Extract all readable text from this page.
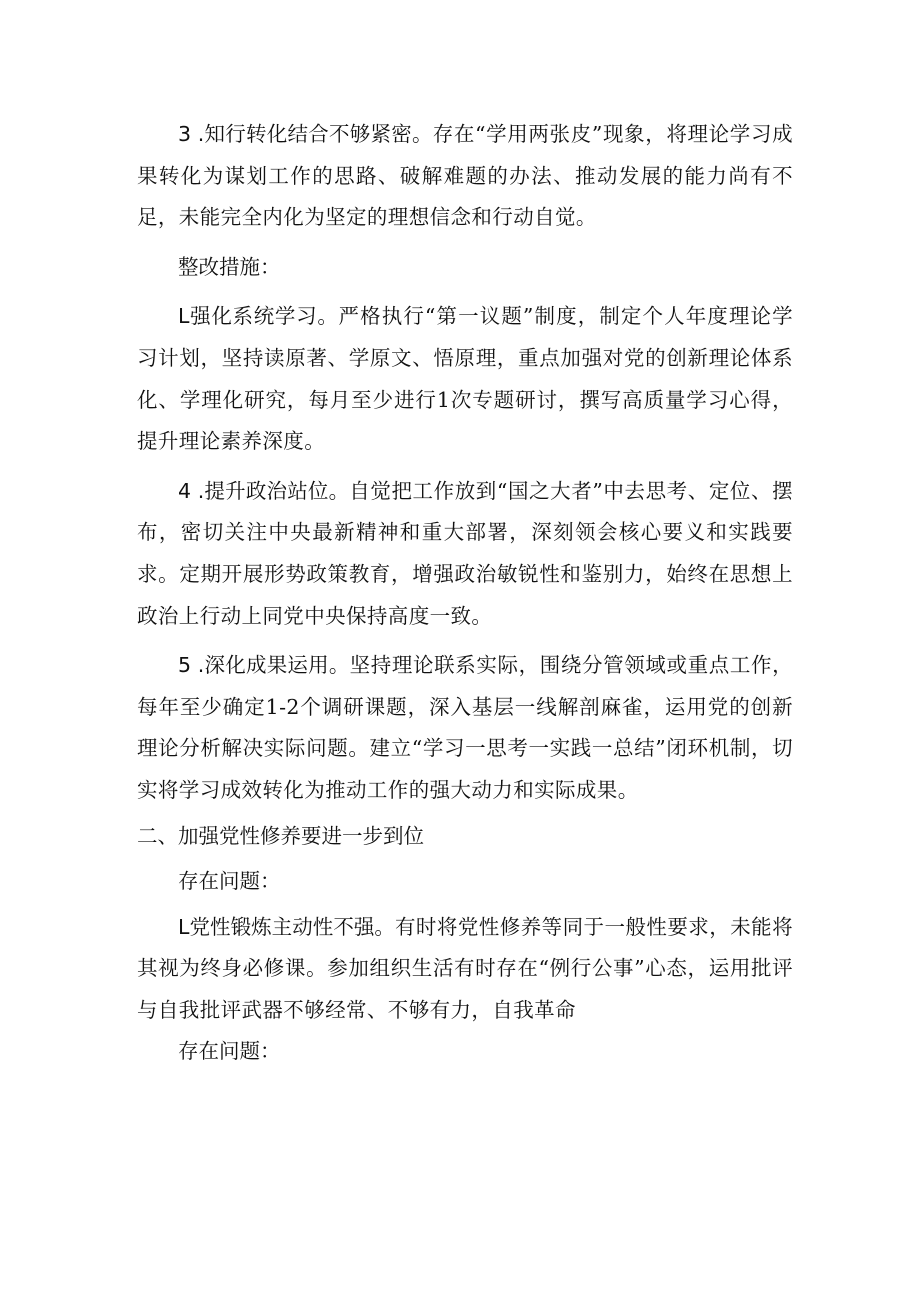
3 .知行转化结合不够紧密。存在“学用两张皮”现象，将理论学习成果转化为谋划工作的思路、破解难题的办法、推动发展的能力尚有不足，未能完全内化为坚定的理想信念和行动自觉。

整改措施：

L强化系统学习。严格执行“第一议题”制度，制定个人年度理论学习计划，坚持读原著、学原文、悟原理，重点加强对党的创新理论体系化、学理化研究，每月至少进行1次专题研讨，撰写高质量学习心得，提升理论素养深度。

4 .提升政治站位。自觉把工作放到“国之大者”中去思考、定位、摆布，密切关注中央最新精神和重大部署，深刻领会核心要义和实践要求。定期开展形势政策教育，增强政治敏锐性和鉴别力，始终在思想上政治上行动上同党中央保持高度一致。

5 .深化成果运用。坚持理论联系实际，围绕分管领域或重点工作，每年至少确定1-2个调研课题，深入基层一线解剖麻雀，运用党的创新理论分析解决实际问题。建立“学习一思考一实践一总结”闭环机制，切实将学习成效转化为推动工作的强大动力和实际成果。

二、加强党性修养要进一步到位

存在问题：

L党性锻炼主动性不强。有时将党性修养等同于一般性要求，未能将其视为终身必修课。参加组织生活有时存在“例行公事”心态，运用批评与自我批评武器不够经常、不够有力，自我革命

存在问题：
